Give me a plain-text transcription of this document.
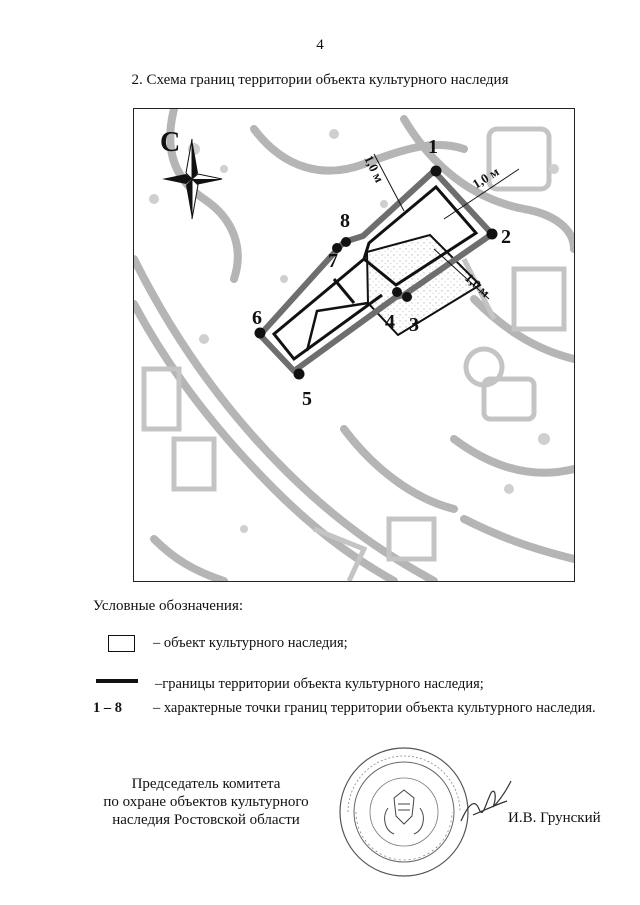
4
2. Схема границ территории объекта культурного наследия
С	1
2
3
4
5
6
7
8
1,0 м	1,0 м
1,0 м
Условные обозначения:
– объект культурного наследия;
–границы территории объекта культурного наследия;
1 – 8 – характерные точки границ территории объекта культурного наследия.
Председатель комитета
по охране объектов культурного
наследия Ростовской области	И.В. Грунский
